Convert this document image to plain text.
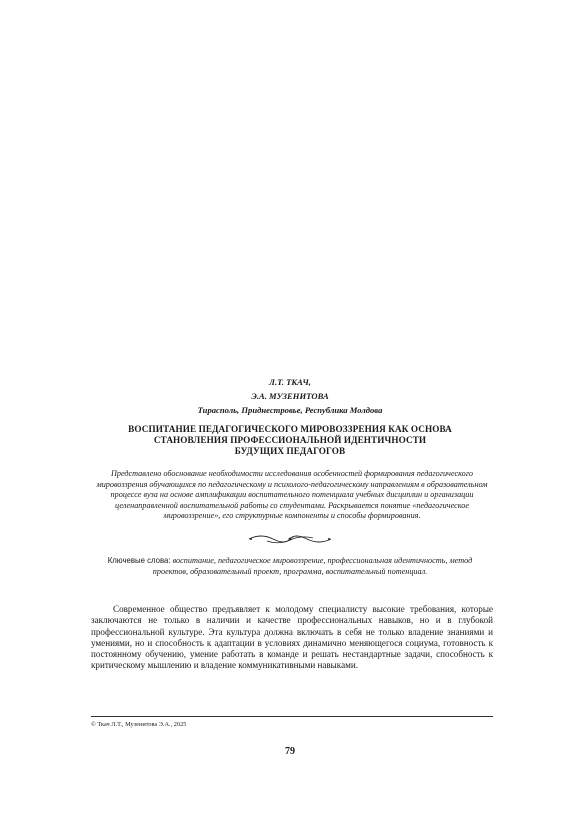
Л.Т. ТКАЧ,

Э.А. МУЗЕНИТОВА

Тирасполь, Приднестровье, Республика Молдова

ВОСПИТАНИЕ ПЕДАГОГИЧЕСКОГО МИРОВОЗЗРЕНИЯ КАК ОСНОВА

СТАНОВЛЕНИЯ ПРОФЕССИОНАЛЬНОЙ ИДЕНТИЧНОСТИ

БУДУЩИХ ПЕДАГОГОВ

Представлено обоснование необходимости исследования особенностей формирования педагогического мировоззрения обучающихся по педагогическому и психолого-педагогическому направлениям в образовательном процессе вуза на основе амплификации воспитательного потенциала учебных дисциплин и организации целенаправленной воспитательной работы со студентами. Раскрывается понятие «педагогическое мировоззрение», его структурные компоненты и способы формирования.

Ключевые слова: воспитание, педагогическое мировоззрение, профессиональная идентичность, метод проектов, образовательный проект, программа, воспитательный потенциал.

Современное общество предъявляет к молодому специалисту высокие требования, которые заключаются не только в наличии и качестве профессиональных навыков, но и в глубокой профессиональной культуре. Эта культура должна включать в себя не только владение знаниями и умениями, но и способность к адаптации в условиях динамично меняющегося социума, готовность к постоянному обучению, умение работать в команде и решать нестандартные задачи, способность к критическому мышлению и владение коммуникативными навыками.

© Ткач Л.Т., Музенитова Э.А., 2025

79
